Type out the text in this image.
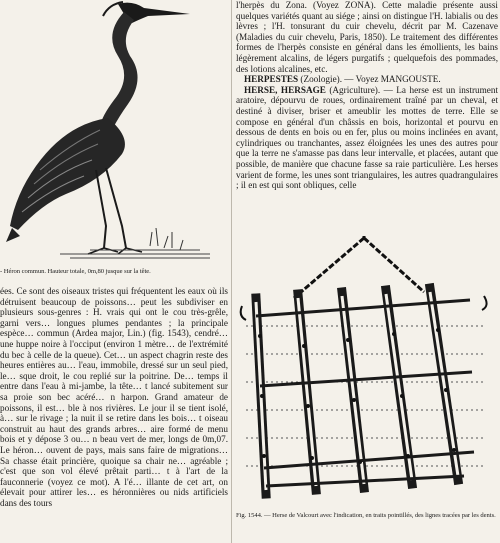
- Héron commun. Hauteur totale, 0m,80 jusque sur la tête.

ées. Ce sont des oiseaux tristes qui fréquentent les eaux où ils détruisent beaucoup de poissons… peut les subdiviser en plusieurs sous-genres : H. vrais qui ont le cou très-grêle, garni vers… longues plumes pendantes ; la principale espèce… commun (Ardea major, Lin.) (fig. 1543), cendré… une huppe noire à l'occiput (environ 1 mètre… de l'extrémité du bec à celle de la queue). Cet… un aspect chagrin reste des heures entières au… l'eau, immobile, dressé sur un seul pied, le… sque droit, le cou replié sur la poitrine. De… temps il entre dans l'eau à mi-jambe, la tête… t lancé subitement sur sa proie son bec acéré… n harpon. Grand amateur de poissons, il est… ble à nos rivières. Le jour il se tient isolé, à… sur le rivage ; la nuit il se retire dans les bois… t oiseau construit au haut des grands arbres… aire formé de menu bois et y dépose 3 ou… n beau vert de mer, longs de 0m,07. Le héron… ouvent de pays, mais sans faire de migrations… Sa chasse était princière, quoique sa chair ne… agréable ; c'est que son vol élevé prêtait parti… t à l'art de la fauconnerie (voyez ce mot). A l'é… illante de cet art, on élevait pour attirer les… es héronnières ou nids artificiels dans des tours

l'herpès du Zona. (Voyez ZONA). Cette maladie présente aussi quelques variétés quant au siége ; ainsi on distingue l'H. labialis ou des lèvres ; l'H. tonsurant du cuir chevelu, décrit par M. Cazenave (Maladies du cuir chevelu, Paris, 1850). Le traitement des différentes formes de l'herpès consiste en général dans les émollients, les bains légèrement alcalins, de légers purgatifs ; quelquefois des pommades, des lotions alcalines, etc.

HERPESTES (Zoologie). — Voyez MANGOUSTE.

HERSE, HERSAGE (Agriculture). — La herse est un instrument aratoire, dépourvu de roues, ordinairement traîné par un cheval, et destiné à diviser, briser et ameublir les mottes de terre. Elle se compose en général d'un châssis en bois, horizontal et pourvu en dessous de dents en bois ou en fer, plus ou moins inclinées en avant, cylindriques ou tranchantes, assez éloignées les unes des autres pour que la terre ne s'amasse pas dans leur intervalle, et placées, autant que possible, de manière que chacune fasse sa raie particulière. Les herses varient de forme, les unes sont triangulaires, les autres quadrangulaires ; il en est qui sont obliques, celle

Fig. 1544. — Herse de Valcourt avec l'indication, en traits pointillés, des lignes tracées par les dents.
